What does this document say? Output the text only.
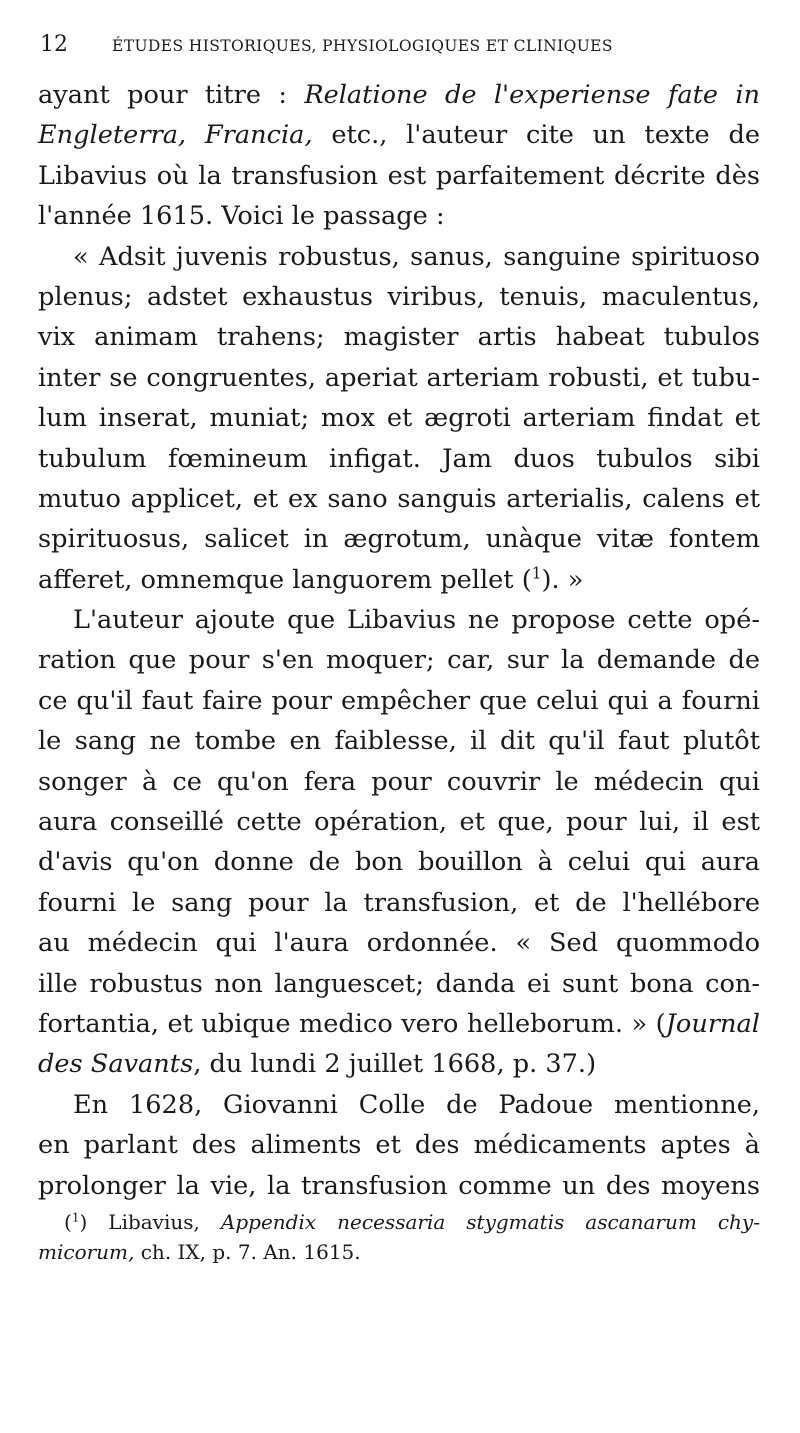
12	ÉTUDES HISTORIQUES, PHYSIOLOGIQUES ET CLINIQUES
ayant pour titre : Relatione de l'experiense fate in
Engleterra, Francia, etc., l'auteur cite un texte de
Libavius où la transfusion est parfaitement décrite dès
l'année 1615. Voici le passage :
« Adsit juvenis robustus, sanus, sanguine spirituoso
plenus; adstet exhaustus viribus, tenuis, maculentus,
vix animam trahens; magister artis habeat tubulos
inter se congruentes, aperiat arteriam robusti, et tubu-
lum inserat, muniat; mox et ægroti arteriam findat et
tubulum fœmineum infigat. Jam duos tubulos sibi
mutuo applicet, et ex sano sanguis arterialis, calens et
spirituosus, salicet in ægrotum, unàque vitæ fontem
afferet, omnemque languorem pellet ($^1$). »
L'auteur ajoute que Libavius ne propose cette opé-
ration que pour s'en moquer; car, sur la demande de
ce qu'il faut faire pour empêcher que celui qui a fourni
le sang ne tombe en faiblesse, il dit qu'il faut plutôt
songer à ce qu'on fera pour couvrir le médecin qui
aura conseillé cette opération, et que, pour lui, il est
d'avis qu'on donne de bon bouillon à celui qui aura
fourni le sang pour la transfusion, et de l'hellébore
au médecin qui l'aura ordonnée. « Sed quommodo
ille robustus non languescet; danda ei sunt bona con-
fortantia, et ubique medico vero helleborum. » (Journal
des Savants, du lundi 2 juillet 1668, p. 37.)
En 1628, Giovanni Colle de Padoue mentionne,
en parlant des aliments et des médicaments aptes à
prolonger la vie, la transfusion comme un des moyens
($^1$) Libavius, Appendix necessaria stygmatis ascanarum chy-
micorum, ch. IX, p. 7. An. 1615.
